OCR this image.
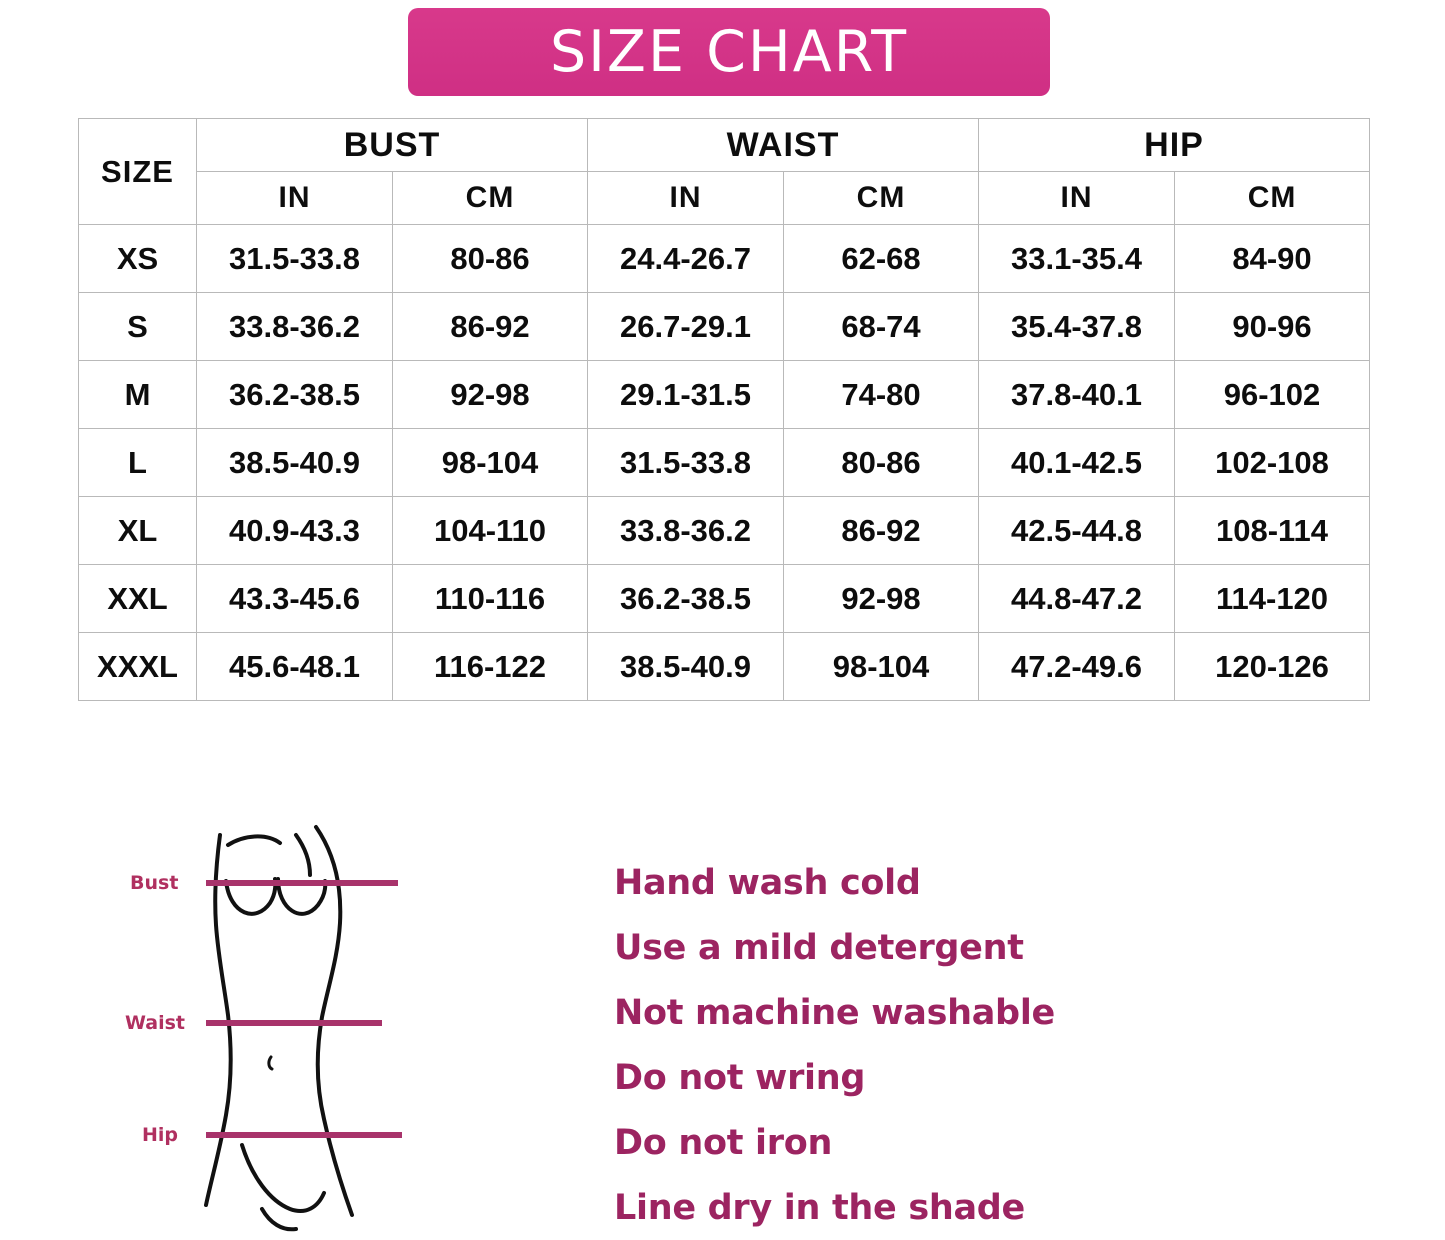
SIZE CHART
SIZE	BUST		WAIST		HIP	
	IN	CM	IN	CM	IN	CM
XS	31.5-33.8	80-86	24.4-26.7	62-68	33.1-35.4	84-90
S	33.8-36.2	86-92	26.7-29.1	68-74	35.4-37.8	90-96
M	36.2-38.5	92-98	29.1-31.5	74-80	37.8-40.1	96-102
L	38.5-40.9	98-104	31.5-33.8	80-86	40.1-42.5	102-108
XL	40.9-43.3	104-110	33.8-36.2	86-92	42.5-44.8	108-114
XXL	43.3-45.6	110-116	36.2-38.5	92-98	44.8-47.2	114-120
XXXL	45.6-48.1	116-122	38.5-40.9	98-104	47.2-49.6	120-126
Bust
Waist
Hip
Hand wash cold
Use a mild detergent
Not machine washable
Do not wring
Do not iron
Line dry in the shade
